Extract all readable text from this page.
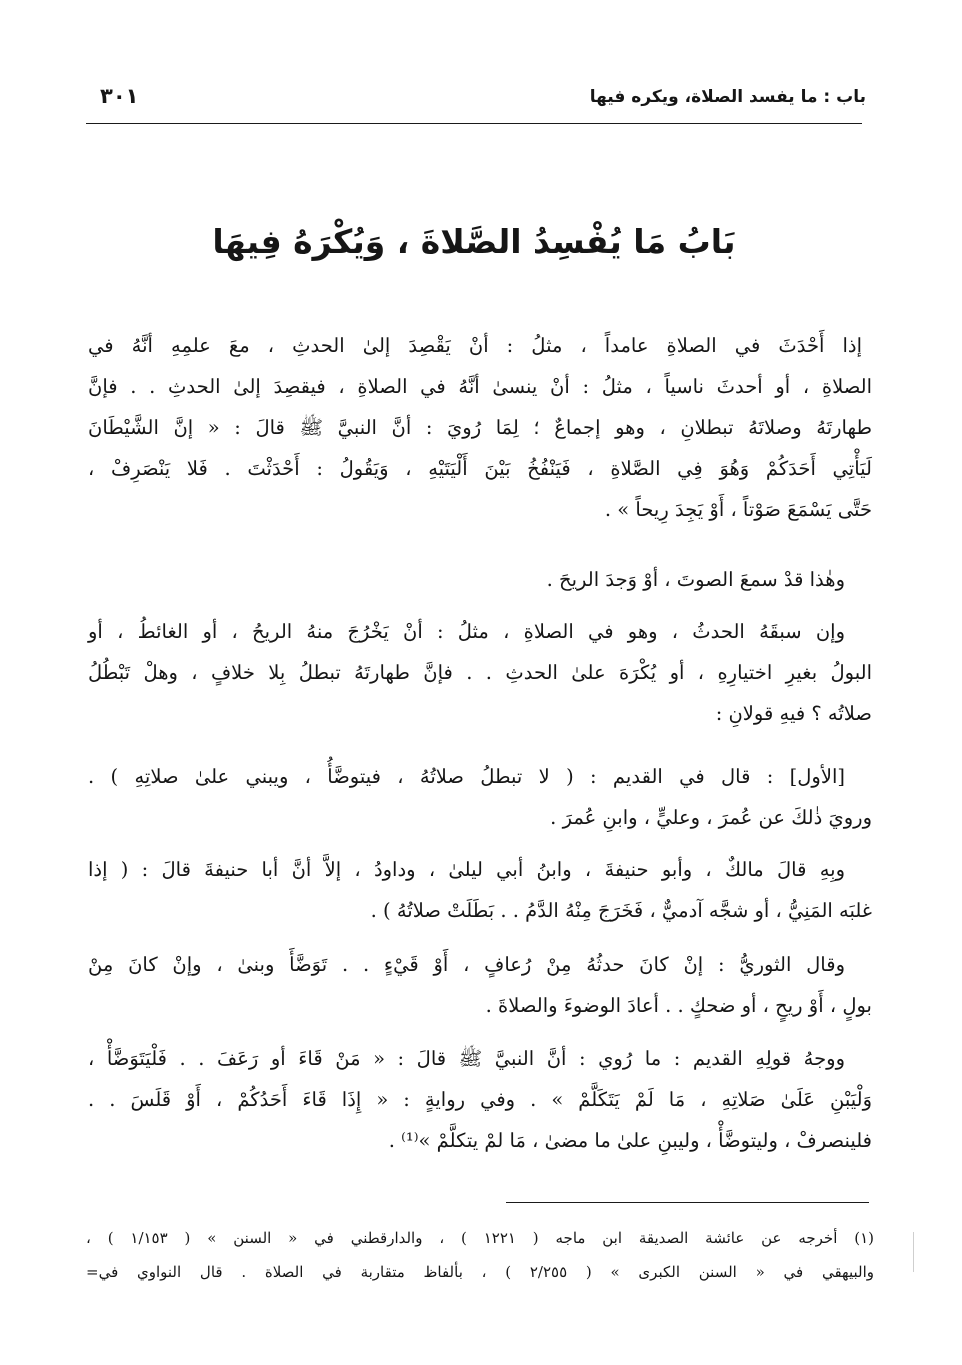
باب : ما يفسد الصلاة، ويكره فيها
٣٠١
بَابُ مَا يُفْسِدُ الصَّلاةَ ، وَيُكْرَهُ فِيهَا
إذا أَحْدَثَ في الصلاةِ عامداً ، مثلُ : أنْ يَقْصِدَ إلىٰ الحدثِ ، معَ علمِهِ أنَّهُ في
الصلاةِ ، أو أحدثَ ناسياً ، مثلُ : أنْ ينسىٰ أنَّهُ في الصلاةِ ، فيقصِدَ إلىٰ الحدثِ . . فإنَّ
طهارتَهُ وصلاتَهُ تبطلانِ ، وهو إجماعٌ ؛ لِمَا رُويَ : أنَّ النبيَّ ﷺ قالَ : « إنَّ الشَّيْطَانَ
لَيَأْتِي أَحَدَكُمْ وَهُوَ فِي الصَّلاةِ ، فَيَنْفُخُ بَيْنَ أَلْيَتَيْهِ ، وَيَقُولُ : أَحْدَثْتَ . فَلا يَنْصَرِفْ ،
حَتَّى يَسْمَعَ صَوْتاً ، أَوْ يَجِدَ رِيحاً » .
وهٰذا قدْ سمعَ الصوتَ ، أوْ وَجدَ الريحَ .
وإن سبقَهُ الحدثُ ، وهو في الصلاةِ ، مثلُ : أنْ يَخْرُجَ منهُ الريحُ ، أو الغائطُ ، أو
البولُ بغيرِ اختيارِهِ ، أو يُكْرَهَ علىٰ الحدثِ . . فإنَّ طهارتَهُ تبطلُ بِلا خلافٍ ، وهلْ تَبْطُلُ
صلاتُه ؟ فيهِ قولانِ :
[الأول] : قال في القديم : ( لا تبطلُ صلاتُهُ ، فيتوضَّأُ ، ويبني علىٰ صلاتِهِ ) .
ورويَ ذٰلكَ عن عُمرَ ، وعليٍّ ، وابنِ عُمرَ .
وبِهِ قالَ مالكٌ ، وأبو حنيفةَ ، وابنُ أبي ليلىٰ ، وداودُ ، إلاَّ أنَّ أبا حنيفةَ قالَ : ( إذا
غلبَه المَنِيُّ ، أو شجَّه آدميٌّ ، فَخَرَجَ مِنْهُ الدَّمُ . . بَطَلَتْ صلاتُهُ ) .
وقال الثوريُّ : إنْ كانَ حدثُهُ مِنْ رُعافٍ ، أَوْ قَيْءٍ . . تَوَضَّأَ وبنىٰ ، وإنْ كانَ مِنْ
بولٍ ، أَوْ ريحٍ ، أو ضحكٍ . . أعادَ الوضوءَ والصلاةَ .
ووجهُ قولِهِ القديم : ما رُوي : أنَّ النبيَّ ﷺ قالَ : « مَنْ قَاءَ أو رَعَفَ . . فَلْيَتَوَضَّأْ ،
وَلْيَبْنِ عَلَىٰ صَلاتِهِ ، مَا لَمْ يَتَكَلَّمْ » . وفي روايةٍ : « إِذَا قَاءَ أَحَدُكُمْ ، أَوْ قَلَسَ . .
فلينصرفْ ، وليتوضَّأْ ، وليبنِ علىٰ ما مضىٰ ، مَا لمْ يتكلَّمْ »⁽¹⁾ .
(١) أخرجه عن عائشة الصديقة ابن ماجه ( ١٢٢١ ) ، والدارقطني في « السنن » ( ١/١٥٣ ) ،
والبيهقي في « السنن الكبرى » ( ٢/٢٥٥ ) ، بألفاظ متقاربة في الصلاة . قال النواوي في=
